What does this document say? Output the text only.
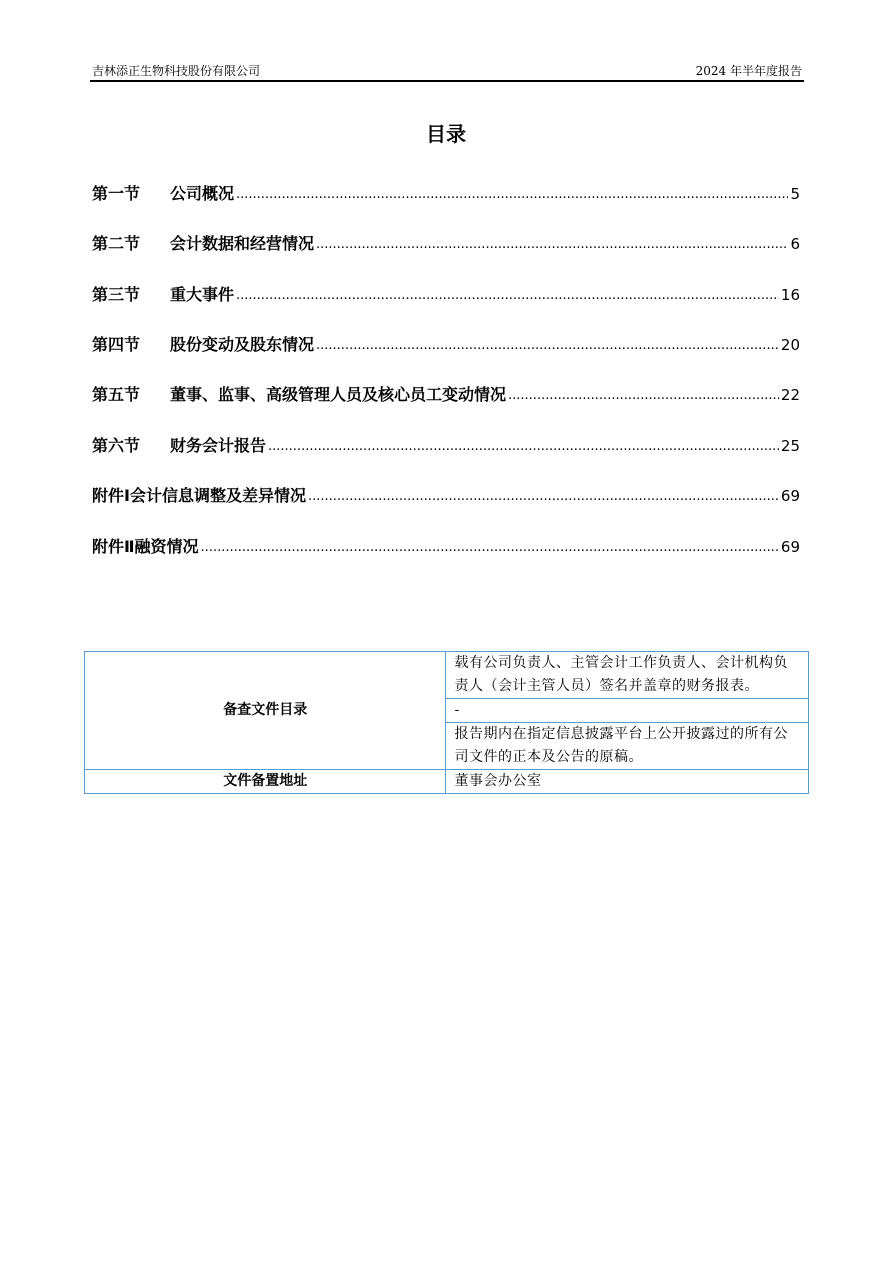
吉林添正生物科技股份有限公司	2024 年半年度报告
目录
第一节	公司概况 .....	5
第二节	会计数据和经营情况 .....	6
第三节	重大事件 .....	16
第四节	股份变动及股东情况 .....	20
第五节	董事、监事、高级管理人员及核心员工变动情况 .....	22
第六节	财务会计报告 .....	25
附件Ⅰ会计信息调整及差异情况 .....	69
附件Ⅱ融资情况 .....	69
备查文件目录	载有公司负责人、主管会计工作负责人、会计机构负责人（会计主管人员）签名并盖章的财务报表。
	-
	报告期内在指定信息披露平台上公开披露过的所有公司文件的正本及公告的原稿。
文件备置地址	董事会办公室
